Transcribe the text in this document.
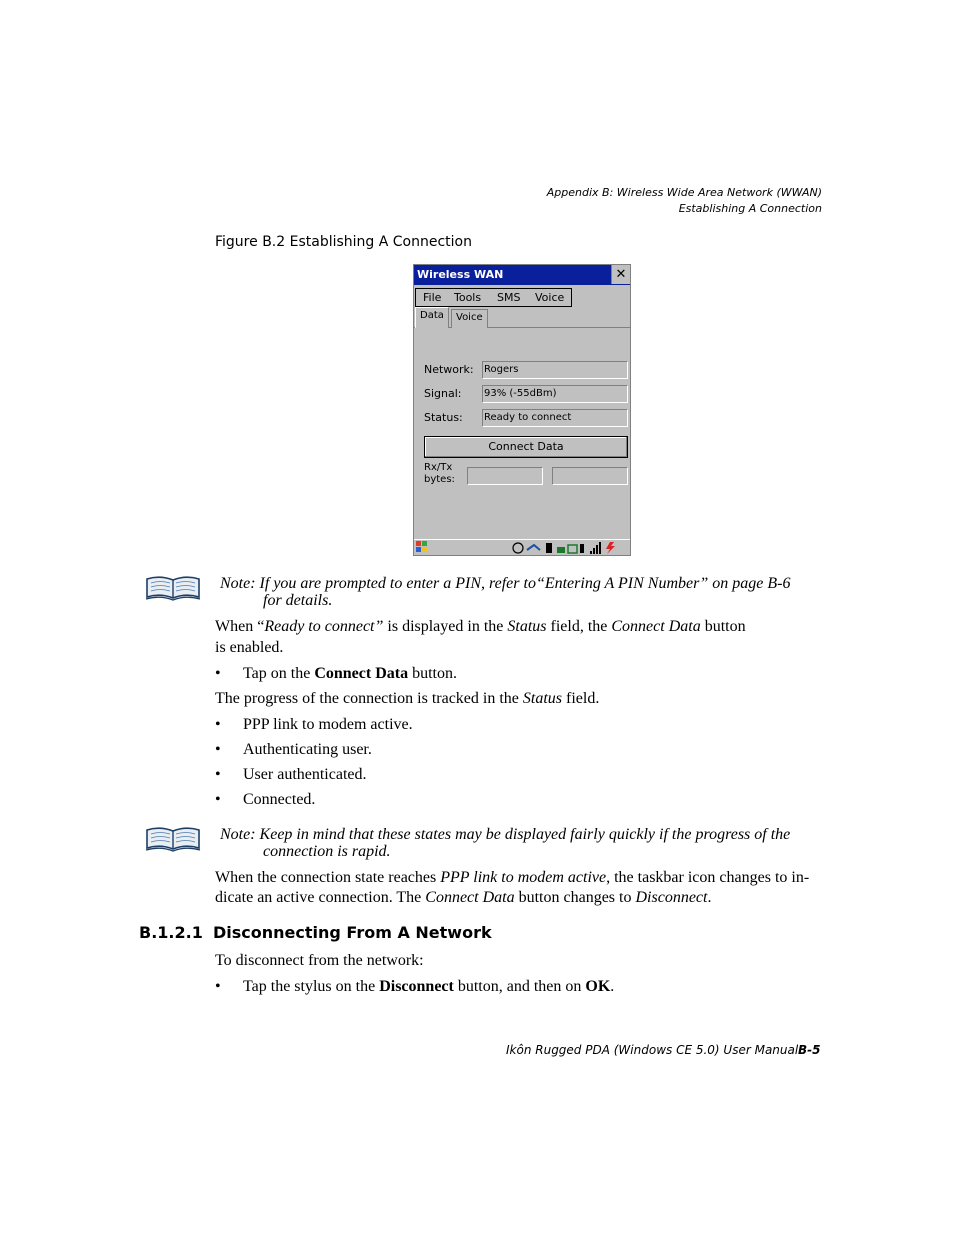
Appendix B: Wireless Wide Area Network (WWAN)
Establishing A Connection
Figure B.2 Establishing A Connection
Wireless WAN	✕
File Tools SMS Voice
Data	Voice
Network: Rogers
Signal: 93% (-55dBm)
Status: Ready to connect
Connect Data
Rx/Tx
bytes:
Note: If you are prompted to enter a PIN, refer to“Entering A PIN Number” on page B-6
for details.
When “Ready to connect” is displayed in the Status field, the Connect Data button
is enabled.
• Tap on the Connect Data button.
The progress of the connection is tracked in the Status field.
• PPP link to modem active.
• Authenticating user.
• User authenticated.
• Connected.
Note: Keep in mind that these states may be displayed fairly quickly if the progress of the
connection is rapid.
When the connection state reaches PPP link to modem active, the taskbar icon changes to in-
dicate an active connection. The Connect Data button changes to Disconnect.
B.1.2.1 Disconnecting From A Network
To disconnect from the network:
• Tap the stylus on the Disconnect button, and then on OK.
Ikôn Rugged PDA (Windows CE 5.0) User Manual B-5
